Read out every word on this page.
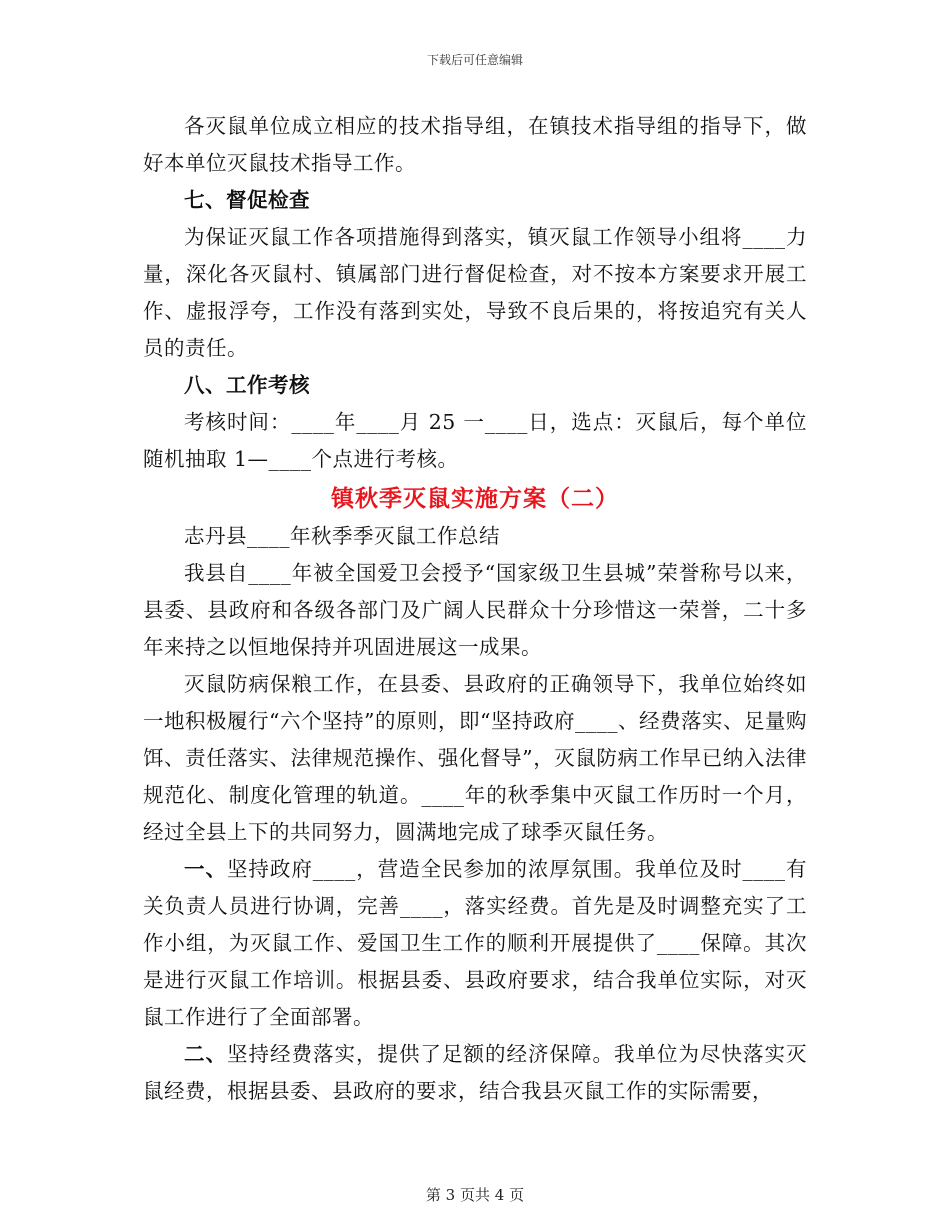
下载后可任意编辑

各灭鼠单位成立相应的技术指导组，在镇技术指导组的指导下，做好本单位灭鼠技术指导工作。

七、督促检查

为保证灭鼠工作各项措施得到落实，镇灭鼠工作领导小组将____力量，深化各灭鼠村、镇属部门进行督促检查，对不按本方案要求开展工作、虚报浮夸，工作没有落到实处，导致不良后果的，将按追究有关人员的责任。

八、工作考核

考核时间：____年____月 25 一____日，选点：灭鼠后，每个单位随机抽取 1—____个点进行考核。

镇秋季灭鼠实施方案（二）

志丹县____年秋季季灭鼠工作总结

我县自____年被全国爱卫会授予“国家级卫生县城”荣誉称号以来，县委、县政府和各级各部门及广阔人民群众十分珍惜这一荣誉，二十多年来持之以恒地保持并巩固进展这一成果。

灭鼠防病保粮工作，在县委、县政府的正确领导下，我单位始终如一地积极履行“六个坚持”的原则，即“坚持政府____、经费落实、足量购饵、责任落实、法律规范操作、强化督导”，灭鼠防病工作早已纳入法律规范化、制度化管理的轨道。____年的秋季集中灭鼠工作历时一个月，经过全县上下的共同努力，圆满地完成了球季灭鼠任务。

一、坚持政府____，营造全民参加的浓厚氛围。我单位及时____有关负责人员进行协调，完善____，落实经费。首先是及时调整充实了工作小组，为灭鼠工作、爱国卫生工作的顺利开展提供了____保障。其次是进行灭鼠工作培训。根据县委、县政府要求，结合我单位实际，对灭鼠工作进行了全面部署。

二、坚持经费落实，提供了足额的经济保障。我单位为尽快落实灭鼠经费，根据县委、县政府的要求，结合我县灭鼠工作的实际需要，

第 3 页共 4 页
